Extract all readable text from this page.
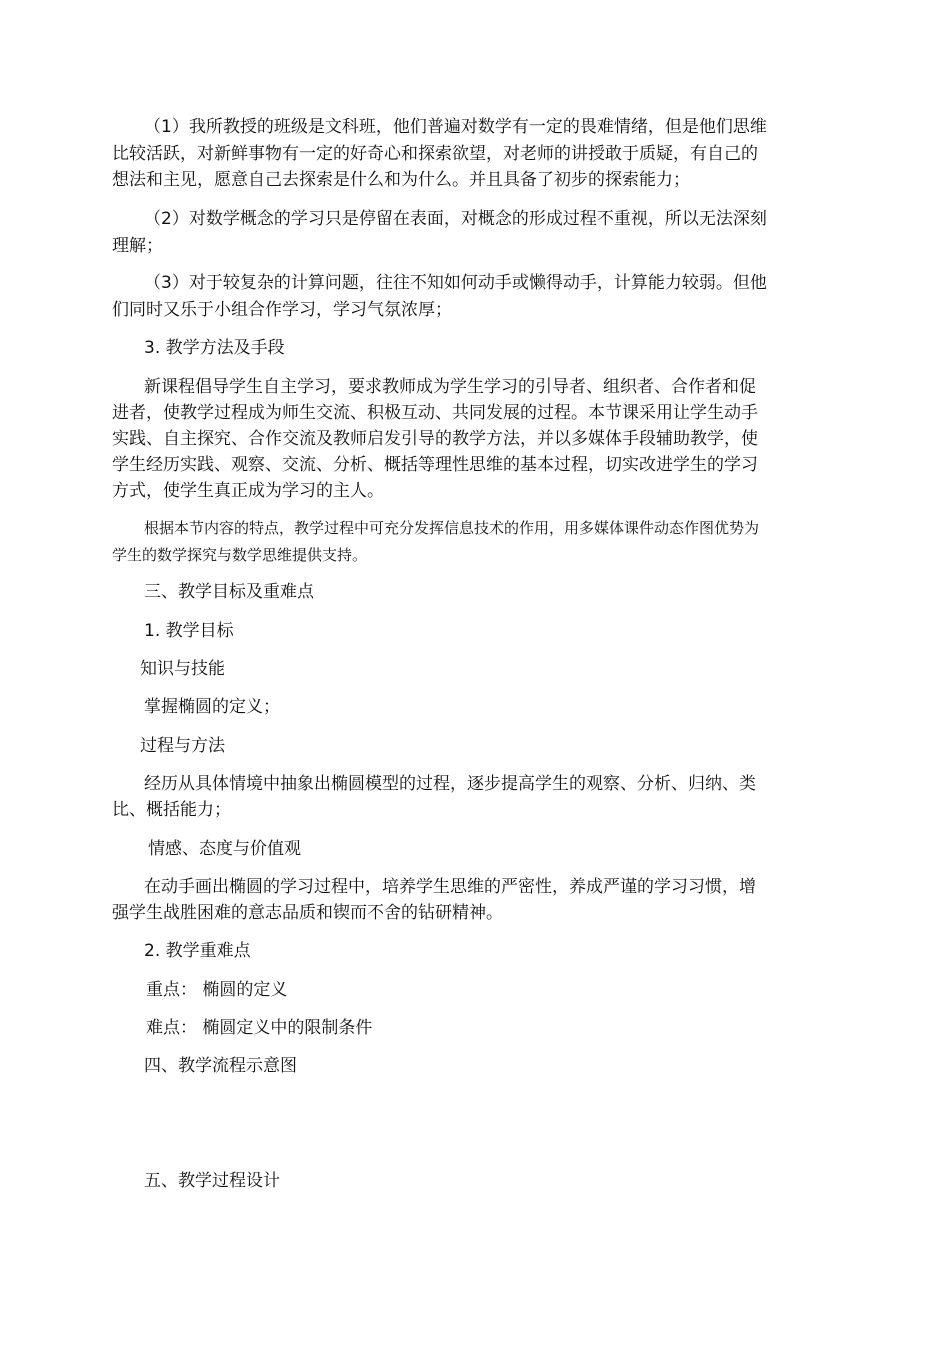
（1）我所教授的班级是文科班，他们普遍对数学有一定的畏难情绪，但是他们思维
比较活跃，对新鲜事物有一定的好奇心和探索欲望，对老师的讲授敢于质疑，有自己的
想法和主见，愿意自己去探索是什么和为什么。并且具备了初步的探索能力；
（2）对数学概念的学习只是停留在表面，对概念的形成过程不重视，所以无法深刻
理解；
（3）对于较复杂的计算问题，往往不知如何动手或懒得动手，计算能力较弱。但他
们同时又乐于小组合作学习，学习气氛浓厚；
3. 教学方法及手段
新课程倡导学生自主学习，要求教师成为学生学习的引导者、组织者、合作者和促
进者，使教学过程成为师生交流、积极互动、共同发展的过程。本节课采用让学生动手
实践、自主探究、合作交流及教师启发引导的教学方法，并以多媒体手段辅助教学，使
学生经历实践、观察、交流、分析、概括等理性思维的基本过程，切实改进学生的学习
方式，使学生真正成为学习的主人。
根据本节内容的特点，教学过程中可充分发挥信息技术的作用，用多媒体课件动态作图优势为
学生的数学探究与数学思维提供支持。
三、教学目标及重难点
1. 教学目标
知识与技能
掌握椭圆的定义；
过程与方法
经历从具体情境中抽象出椭圆模型的过程，逐步提高学生的观察、分析、归纳、类
比、概括能力；
情感、态度与价值观
在动手画出椭圆的学习过程中，培养学生思维的严密性，养成严谨的学习习惯，增
强学生战胜困难的意志品质和锲而不舍的钻研精神。
2. 教学重难点
重点： 椭圆的定义
难点： 椭圆定义中的限制条件
四、教学流程示意图
五、教学过程设计
